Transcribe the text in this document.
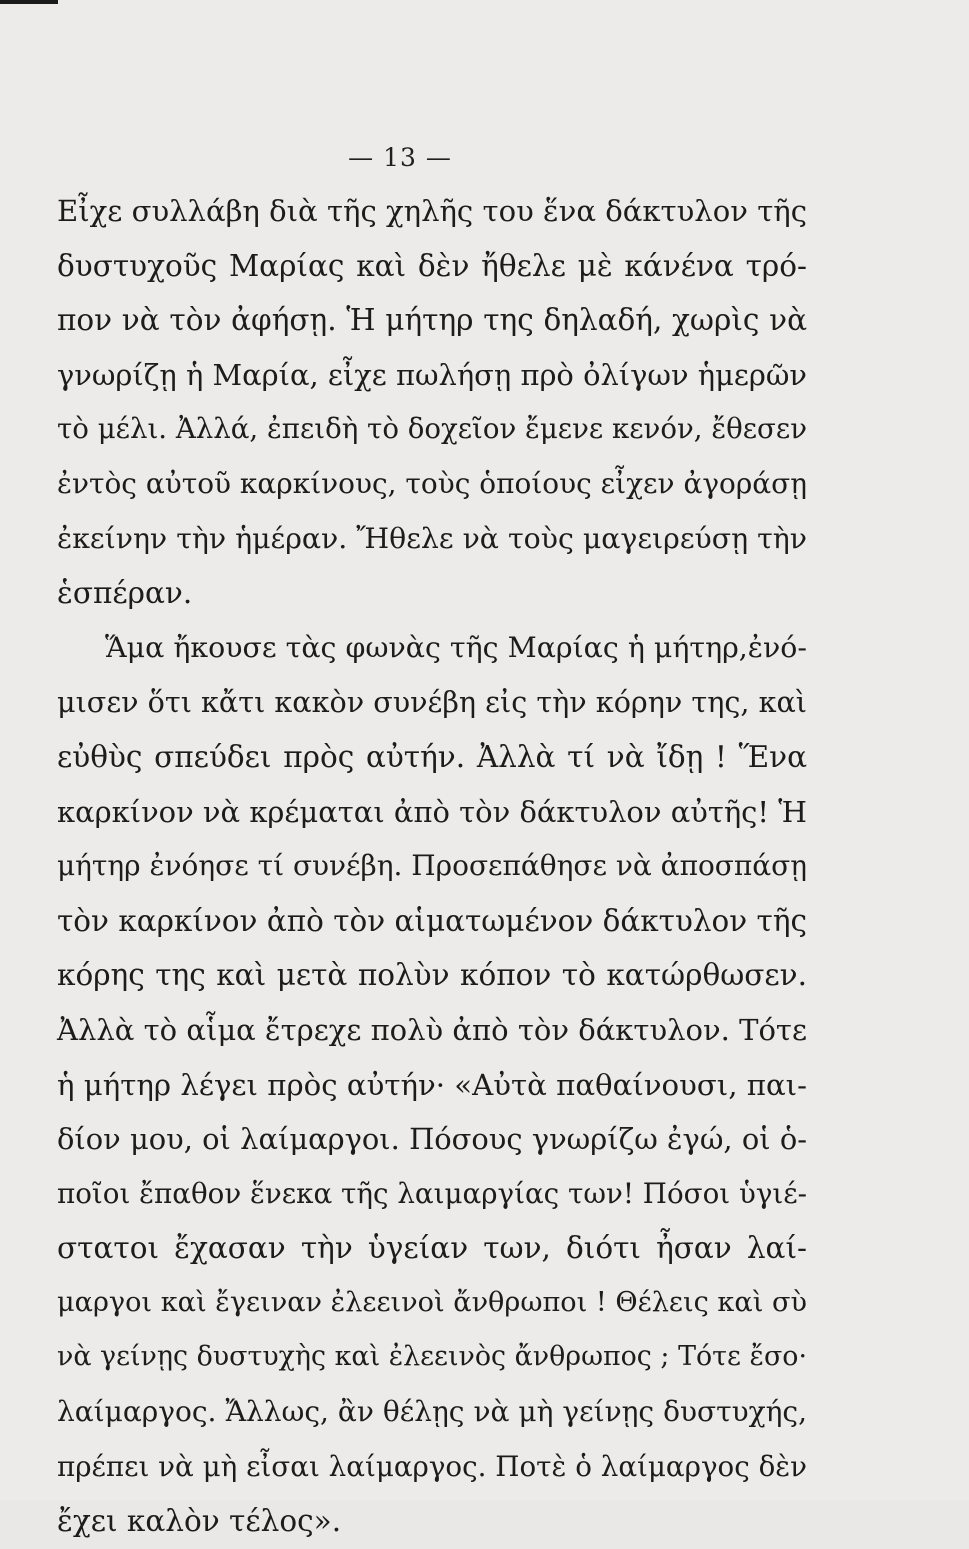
— 13 —
Εἶχε συλλάβη διὰ τῆς χηλῆς του ἕνα δάκτυλον τῆς
δυστυχοῦς Μαρίας καὶ δὲν ἤθελε μὲ κάνένα τρό-
πον νὰ τὸν ἀφήσῃ. Ἡ μήτηρ της δηλαδή, χωρὶς νὰ
γνωρίζῃ ἡ Μαρία, εἶχε πωλήσῃ πρὸ ὀλίγων ἡμερῶν
τὸ μέλι. Ἀλλά, ἐπειδὴ τὸ δοχεῖον ἔμενε κενόν, ἔθεσεν
ἐντὸς αὐτοῦ καρκίνους, τοὺς ὁποίους εἶχεν ἀγοράσῃ
ἐκείνην τὴν ἡμέραν. Ἤθελε νὰ τοὺς μαγειρεύσῃ τὴν
ἑσπέραν.
Ἅμα ἤκουσε τὰς φωνὰς τῆς Μαρίας ἡ μήτηρ,ἐνό-
μισεν ὅτι κἄτι κακὸν συνέβη εἰς τὴν κόρην της, καὶ
εὐθὺς σπεύδει πρὸς αὐτήν. Ἀλλὰ τί νὰ ἴδῃ ! Ἕνα
καρκίνον νὰ κρέμαται ἀπὸ τὸν δάκτυλον αὐτῆς! Ἡ
μήτηρ ἐνόησε τί συνέβη. Προσεπάθησε νὰ ἀποσπάσῃ
τὸν καρκίνον ἀπὸ τὸν αἱματωμένον δάκτυλον τῆς
κόρης της καὶ μετὰ πολὺν κόπον τὸ κατώρθωσεν.
Ἀλλὰ τὸ αἷμα ἔτρεχε πολὺ ἀπὸ τὸν δάκτυλον. Τότε
ἡ μήτηρ λέγει πρὸς αὐτήν· «Αὐτὰ παθαίνουσι, παι-
δίον μου, οἱ λαίμαργοι. Πόσους γνωρίζω ἐγώ, οἱ ὁ-
ποῖοι ἔπαθον ἕνεκα τῆς λαιμαργίας των! Πόσοι ὑγιέ-
στατοι ἔχασαν τὴν ὑγείαν των, διότι ἦσαν λαί-
μαργοι καὶ ἔγειναν ἐλεεινοὶ ἄνθρωποι ! Θέλεις καὶ σὺ
νὰ γείνῃς δυστυχὴς καὶ ἐλεεινὸς ἄνθρωπος ; Τότε ἔσο·
λαίμαργος. Ἄλλως, ἂν θέλῃς νὰ μὴ γείνῃς δυστυχής,
πρέπει νὰ μὴ εἶσαι λαίμαργος. Ποτὲ ὁ λαίμαργος δὲν
ἔχει καλὸν τέλος».
